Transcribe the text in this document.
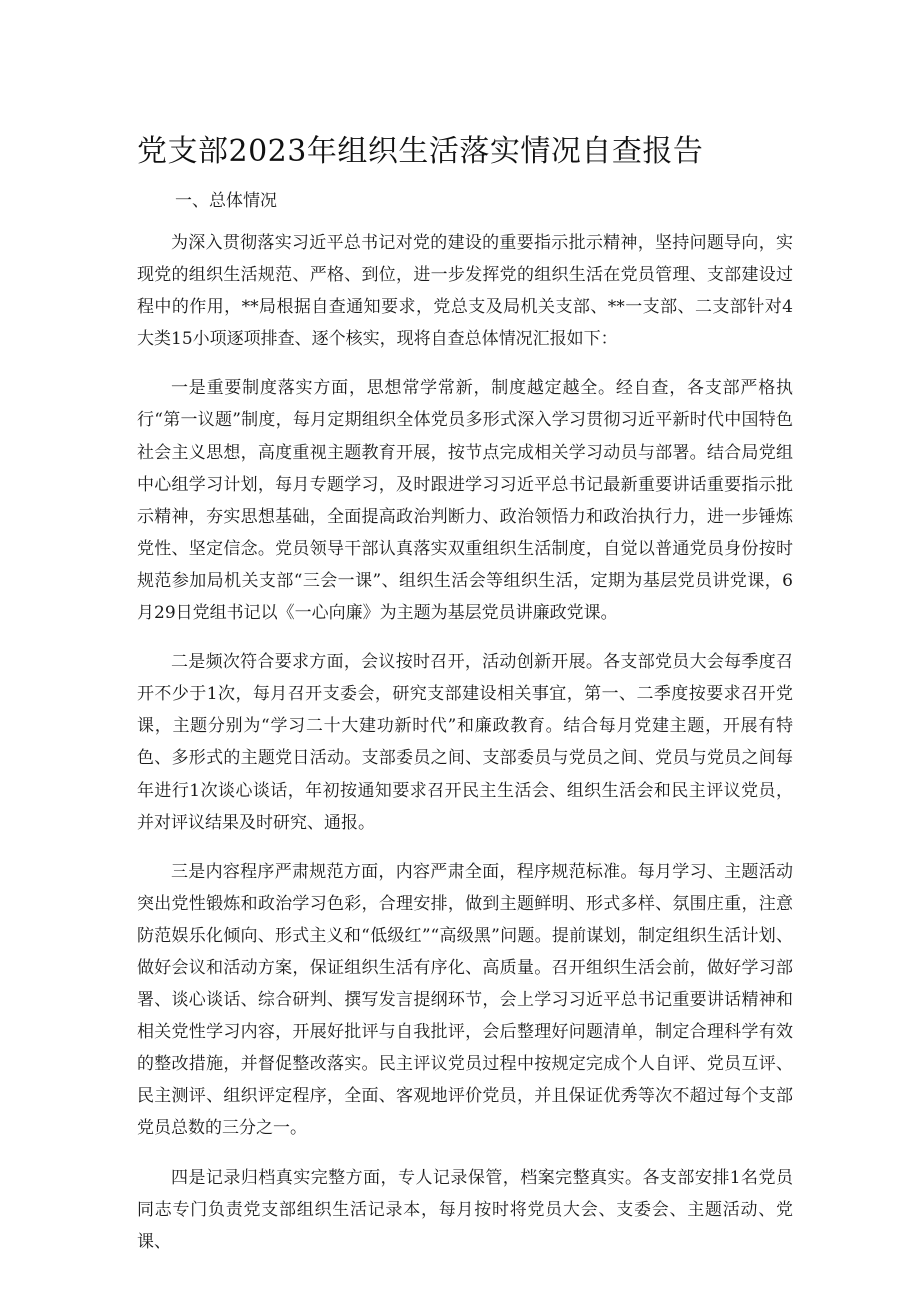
党支部2023年组织生活落实情况自查报告
一、总体情况

为深入贯彻落实习近平总书记对党的建设的重要指示批示精神，坚持问题导向，实现党的组织生活规范、严格、到位，进一步发挥党的组织生活在党员管理、支部建设过程中的作用，**局根据自查通知要求，党总支及局机关支部、**一支部、二支部针对4大类15小项逐项排查、逐个核实，现将自查总体情况汇报如下：

一是重要制度落实方面，思想常学常新，制度越定越全。经自查，各支部严格执行“第一议题”制度，每月定期组织全体党员多形式深入学习贯彻习近平新时代中国特色社会主义思想，高度重视主题教育开展，按节点完成相关学习动员与部署。结合局党组中心组学习计划，每月专题学习，及时跟进学习习近平总书记最新重要讲话重要指示批示精神，夯实思想基础，全面提高政治判断力、政治领悟力和政治执行力，进一步锤炼党性、坚定信念。党员领导干部认真落实双重组织生活制度，自觉以普通党员身份按时规范参加局机关支部“三会一课”、组织生活会等组织生活，定期为基层党员讲党课，6月29日党组书记以《一心向廉》为主题为基层党员讲廉政党课。

二是频次符合要求方面，会议按时召开，活动创新开展。各支部党员大会每季度召开不少于1次，每月召开支委会，研究支部建设相关事宜，第一、二季度按要求召开党课，主题分别为“学习二十大建功新时代”和廉政教育。结合每月党建主题，开展有特色、多形式的主题党日活动。支部委员之间、支部委员与党员之间、党员与党员之间每年进行1次谈心谈话，年初按通知要求召开民主生活会、组织生活会和民主评议党员，并对评议结果及时研究、通报。

三是内容程序严肃规范方面，内容严肃全面，程序规范标准。每月学习、主题活动突出党性锻炼和政治学习色彩，合理安排，做到主题鲜明、形式多样、氛围庄重，注意防范娱乐化倾向、形式主义和“低级红”“高级黑”问题。提前谋划，制定组织生活计划、做好会议和活动方案，保证组织生活有序化、高质量。召开组织生活会前，做好学习部署、谈心谈话、综合研判、撰写发言提纲环节，会上学习习近平总书记重要讲话精神和相关党性学习内容，开展好批评与自我批评，会后整理好问题清单，制定合理科学有效的整改措施，并督促整改落实。民主评议党员过程中按规定完成个人自评、党员互评、民主测评、组织评定程序，全面、客观地评价党员，并且保证优秀等次不超过每个支部党员总数的三分之一。

四是记录归档真实完整方面，专人记录保管，档案完整真实。各支部安排1名党员同志专门负责党支部组织生活记录本，每月按时将党员大会、支委会、主题活动、党课、
